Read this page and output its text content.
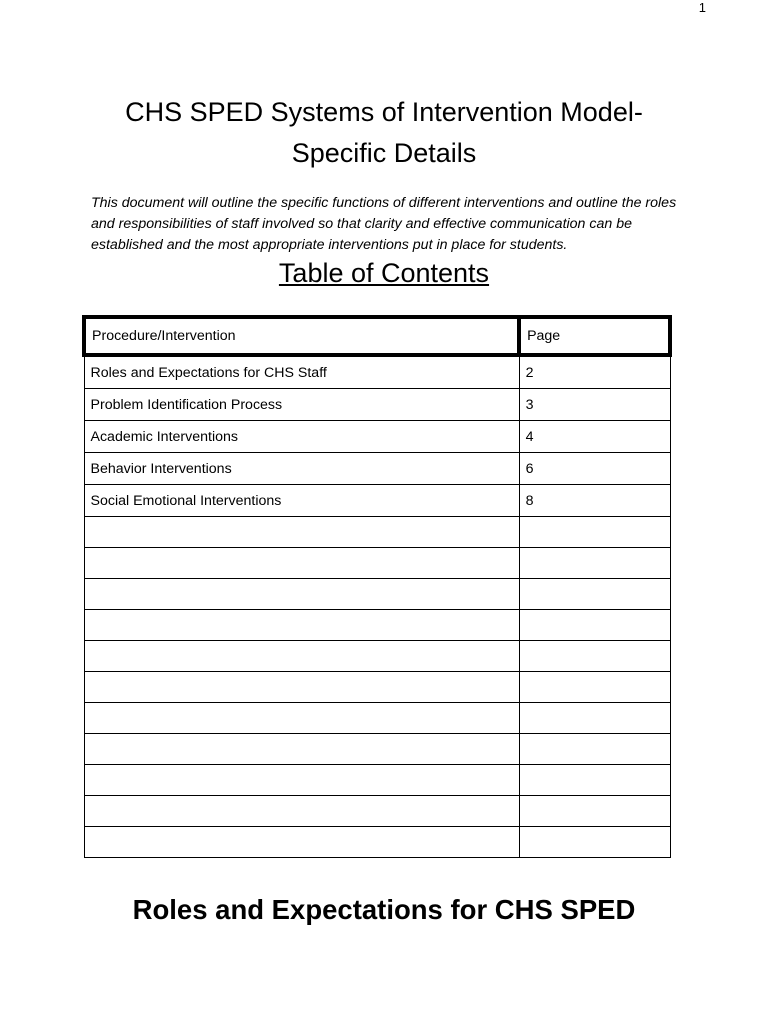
1
CHS SPED Systems of Intervention Model-
Specific Details

This document will outline the specific functions of different interventions and outline the roles and responsibilities of staff involved so that clarity and effective communication can be established and the most appropriate interventions put in place for students.

Table of Contents
Procedure/Intervention	Page
Roles and Expectations for CHS Staff	2
Problem Identification Process	3
Academic Interventions	4
Behavior Interventions	6
Social Emotional Interventions	8

Roles and Expectations for CHS SPED
